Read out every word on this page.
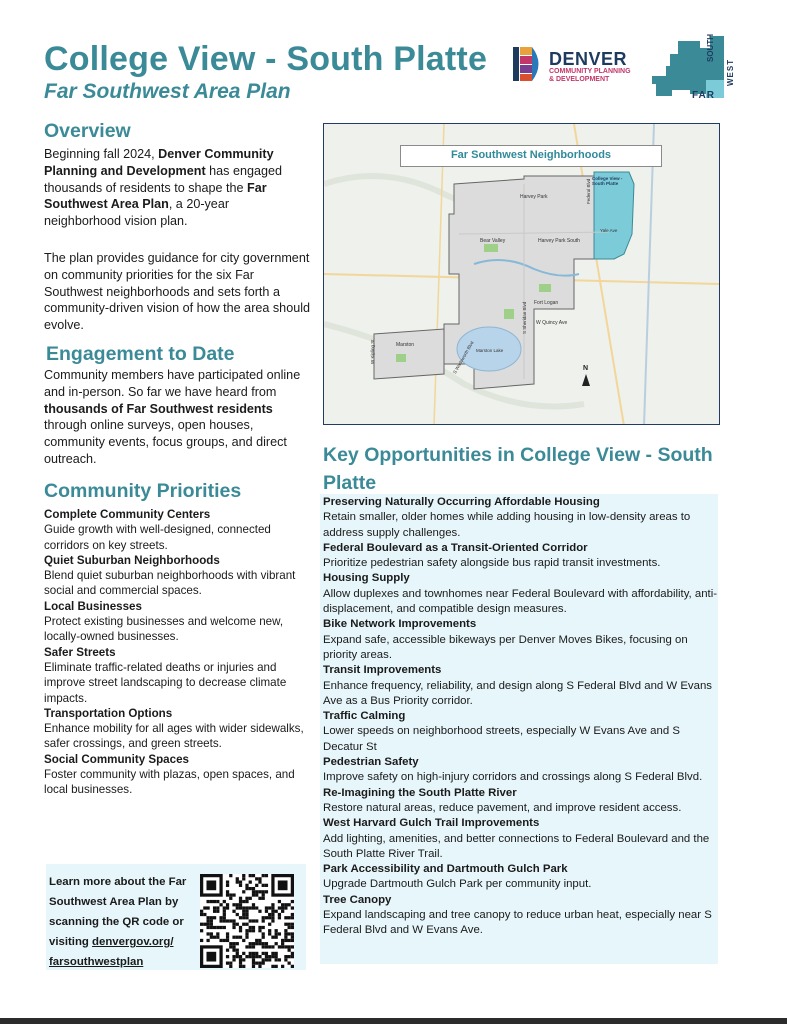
College View - South Platte
Far Southwest Area Plan
DENVER
COMMUNITY PLANNING
& DEVELOPMENT
FAR
SOUTH
WEST
Overview
Beginning fall 2024, Denver Community Planning and Development has engaged thousands of residents to shape the Far Southwest Area Plan, a 20-year neighborhood vision plan.
The plan provides guidance for city government on community priorities for the six Far Southwest neighborhoods and sets forth a community-driven vision of how the area should evolve.
Engagement to Date
Community members have participated online and in-person. So far we have heard from thousands of Far Southwest residents through online surveys, open houses, community events, focus groups, and direct outreach.
Community Priorities
Complete Community Centers
Guide growth with well-designed, connected corridors on key streets.
Quiet Suburban Neighborhoods
Blend quiet suburban neighborhoods with vibrant social and commercial spaces.
Local Businesses
Protect existing businesses and welcome new, locally-owned businesses.
Safer Streets
Eliminate traffic-related deaths or injuries and improve street landscaping to decrease climate impacts.
Transportation Options
Enhance mobility for all ages with wider sidewalks, safer crossings, and green streets.
Social Community Spaces
Foster community with plazas, open spaces, and local businesses.
Learn more about the Far Southwest Area Plan by scanning the QR code or visiting denvergov.org/ farsouthwestplan
Far Southwest Neighborhoods
College View - South Platte
Harvey Park
Harvey Park South
Bear Valley
Fort Logan
Marston
Marston Lake
Yale Ave
W Quincy Ave
Federal Blvd
S Sheridan Blvd
S Wadsworth Blvd
W Kipling St
N
Key Opportunities in College View - South Platte
Preserving Naturally Occurring Affordable Housing
Retain smaller, older homes while adding housing in low-density areas to address supply challenges.
Federal Boulevard as a Transit-Oriented Corridor
Prioritize pedestrian safety alongside bus rapid transit investments.
Housing Supply
Allow duplexes and townhomes near Federal Boulevard with affordability, anti-displacement, and compatible design measures.
Bike Network Improvements
Expand safe, accessible bikeways per Denver Moves Bikes, focusing on priority areas.
Transit Improvements
Enhance frequency, reliability, and design along S Federal Blvd and W Evans Ave as a Bus Priority corridor.
Traffic Calming
Lower speeds on neighborhood streets, especially W Evans Ave and S Decatur St
Pedestrian Safety
Improve safety on high-injury corridors and crossings along S Federal Blvd.
Re-Imagining the South Platte River
Restore natural areas, reduce pavement, and improve resident access.
West Harvard Gulch Trail Improvements
Add lighting, amenities, and better connections to Federal Boulevard and the South Platte River Trail.
Park Accessibility and Dartmouth Gulch Park
Upgrade Dartmouth Gulch Park per community input.
Tree Canopy
Expand landscaping and tree canopy to reduce urban heat, especially near S Federal Blvd and W Evans Ave.
